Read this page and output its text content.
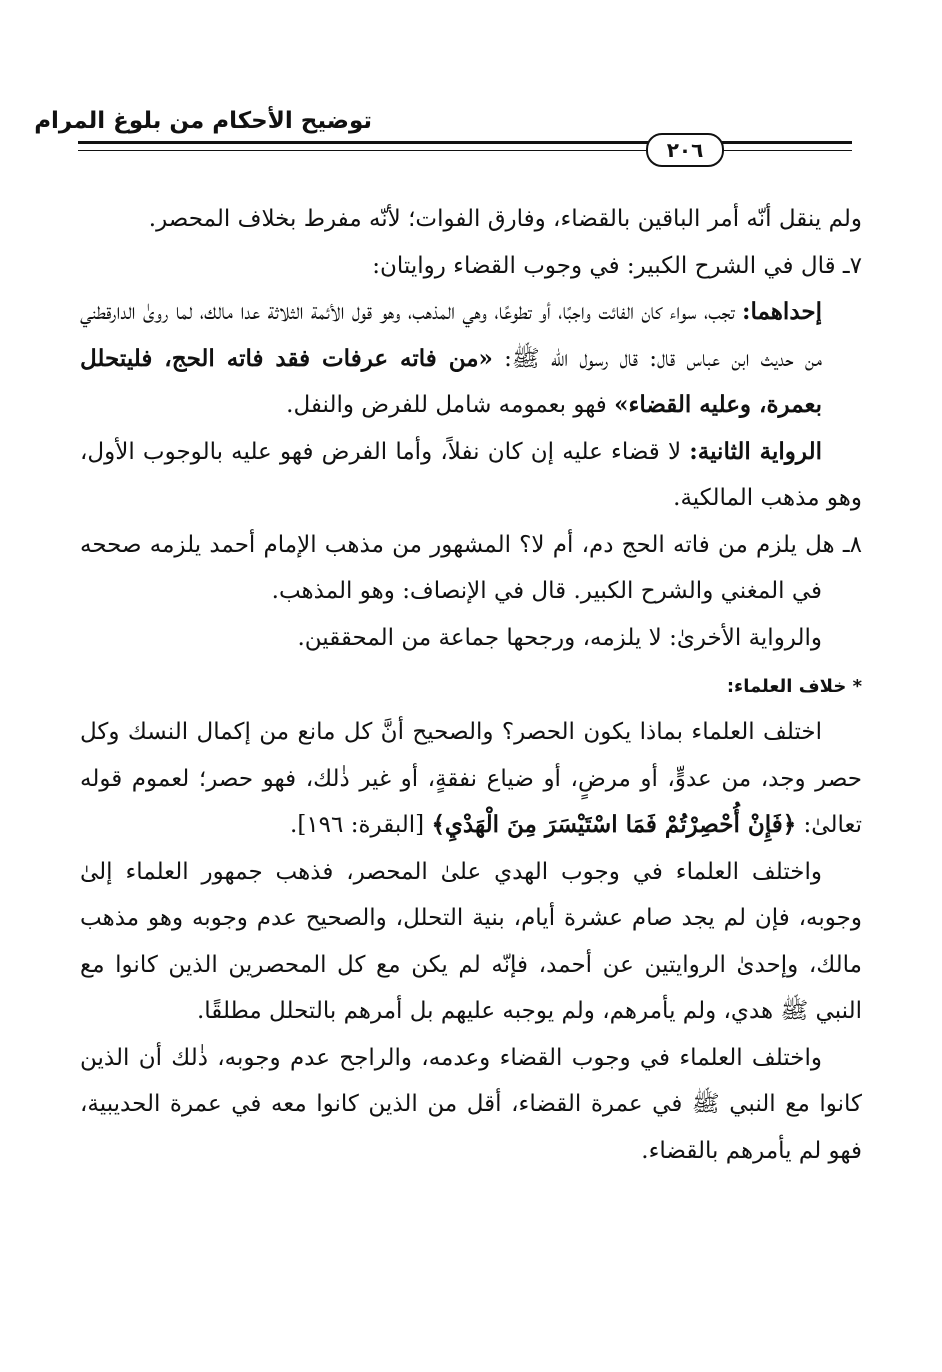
توضيح الأحكام من بلوغ المرام
٢٠٦

ولم ينقل أنّه أمر الباقين بالقضاء، وفارق الفوات؛ لأنّه مفرط بخلاف المحصر.

٧ـ قال في الشرح الكبير: في وجوب القضاء روايتان:

إحداهما: تجب، سواء كان الفائت واجبًا، أو تطوعًا، وهي المذهب، وهو قول الأئمة الثلاثة عدا مالك، لما روىٰ الدارقطني من حديث ابن عباس قال: قال رسول الله ﷺ: «من فاته عرفات فقد فاته الحج، فليتحلل بعمرة، وعليه القضاء» فهو بعمومه شامل للفرض والنفل.

الرواية الثانية: لا قضاء عليه إن كان نفلاً، وأما الفرض فهو عليه بالوجوب الأول، وهو مذهب المالكية.

٨ـ هل يلزم من فاته الحج دم، أم لا؟ المشهور من مذهب الإمام أحمد يلزمه صححه في المغني والشرح الكبير. قال في الإنصاف: وهو المذهب.

والرواية الأخرىٰ: لا يلزمه، ورجحها جماعة من المحققين.

* خلاف العلماء:

اختلف العلماء بماذا يكون الحصر؟ والصحيح أنَّ كل مانع من إكمال النسك وكل حصر وجد، من عدوٍّ، أو مرضٍ، أو ضياع نفقةٍ، أو غير ذٰلك، فهو حصر؛ لعموم قوله تعالىٰ: ﴿فَإِنْ أُحْصِرْتُمْ فَمَا اسْتَيْسَرَ مِنَ الْهَدْيِ﴾ [البقرة: ١٩٦].

واختلف العلماء في وجوب الهدي علىٰ المحصر، فذهب جمهور العلماء إلىٰ وجوبه، فإن لم يجد صام عشرة أيام، بنية التحلل، والصحيح عدم وجوبه وهو مذهب مالك، وإحدىٰ الروايتين عن أحمد، فإنّه لم يكن مع كل المحصرين الذين كانوا مع النبي ﷺ هدي، ولم يأمرهم، ولم يوجبه عليهم بل أمرهم بالتحلل مطلقًا.

واختلف العلماء في وجوب القضاء وعدمه، والراجح عدم وجوبه، ذٰلك أن الذين كانوا مع النبي ﷺ في عمرة القضاء، أقل من الذين كانوا معه في عمرة الحديبية، فهو لم يأمرهم بالقضاء.
